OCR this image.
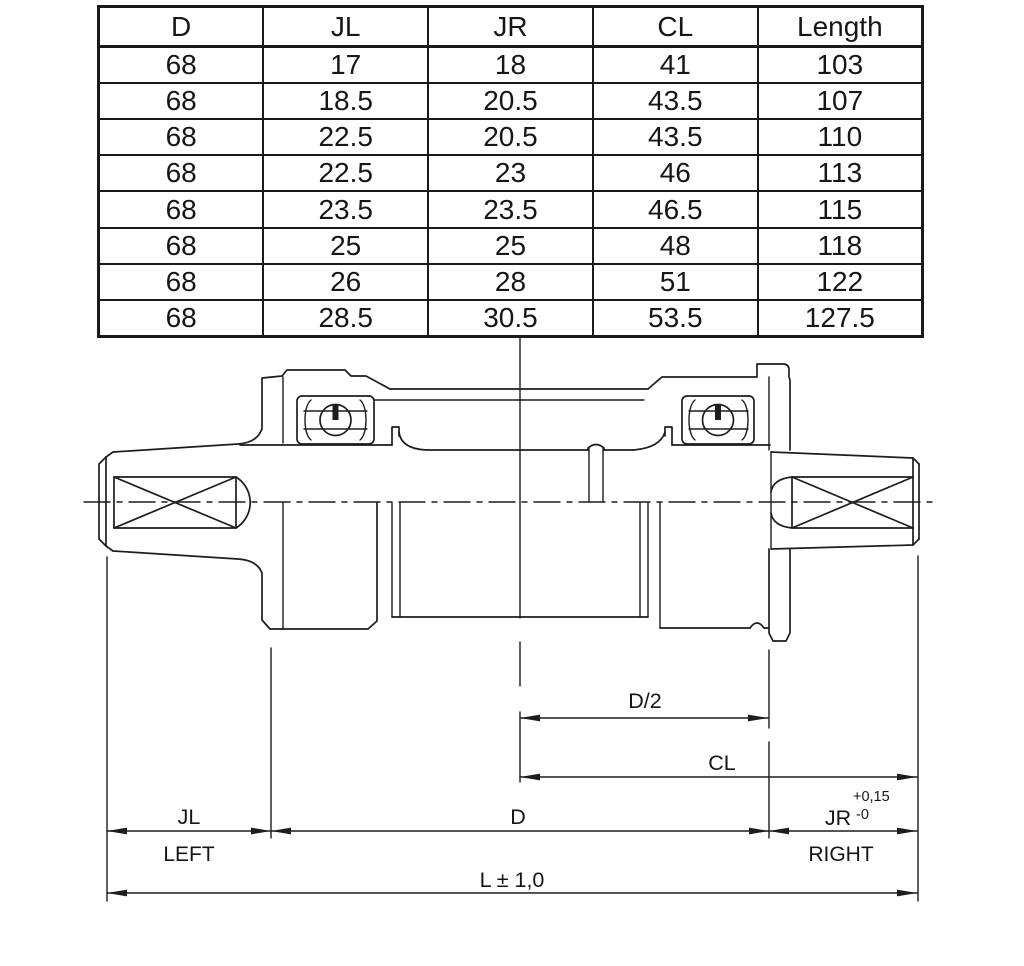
D	JL	JR	CL	Length
68	17	18	41	103
68	18.5	20.5	43.5	107
68	22.5	20.5	43.5	110
68	22.5	23	46	113
68	23.5	23.5	46.5	115
68	25	25	48	118
68	26	28	51	122
68	28.5	30.5	53.5	127.5
D/2
CL
JL	D	JR
+0,15
-0
LEFT	RIGHT
L ± 1,0
